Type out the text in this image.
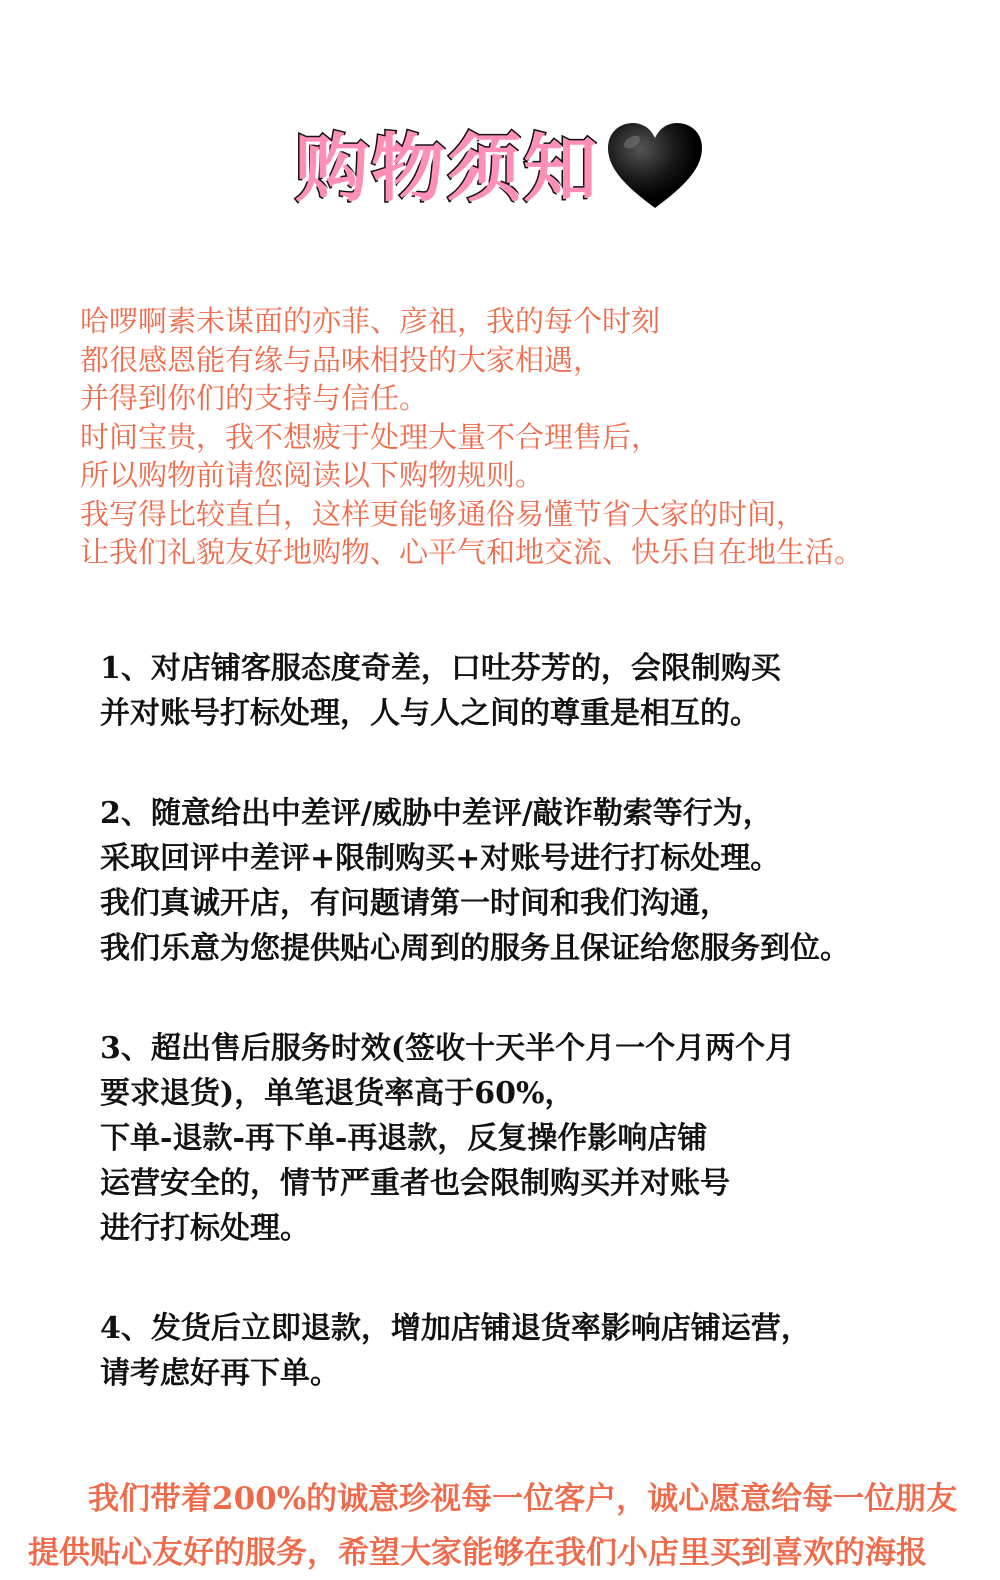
购物须知
哈啰啊素未谋面的亦菲、彦祖，我的每个时刻
都很感恩能有缘与品味相投的大家相遇，
并得到你们的支持与信任。
时间宝贵，我不想疲于处理大量不合理售后，
所以购物前请您阅读以下购物规则。
我写得比较直白，这样更能够通俗易懂节省大家的时间，
让我们礼貌友好地购物、心平气和地交流、快乐自在地生活。
1、对店铺客服态度奇差，口吐芬芳的，会限制购买
并对账号打标处理，人与人之间的尊重是相互的。
2、随意给出中差评/威胁中差评/敲诈勒索等行为，
采取回评中差评+限制购买+对账号进行打标处理。
我们真诚开店，有问题请第一时间和我们沟通，
我们乐意为您提供贴心周到的服务且保证给您服务到位。
3、超出售后服务时效(签收十天半个月一个月两个月
要求退货)，单笔退货率高于60%，
下单-退款-再下单-再退款，反复操作影响店铺
运营安全的，情节严重者也会限制购买并对账号
进行打标处理。
4、发货后立即退款，增加店铺退货率影响店铺运营，
请考虑好再下单。
我们带着200%的诚意珍视每一位客户，诚心愿意给每一位朋友
提供贴心友好的服务，希望大家能够在我们小店里买到喜欢的海报
